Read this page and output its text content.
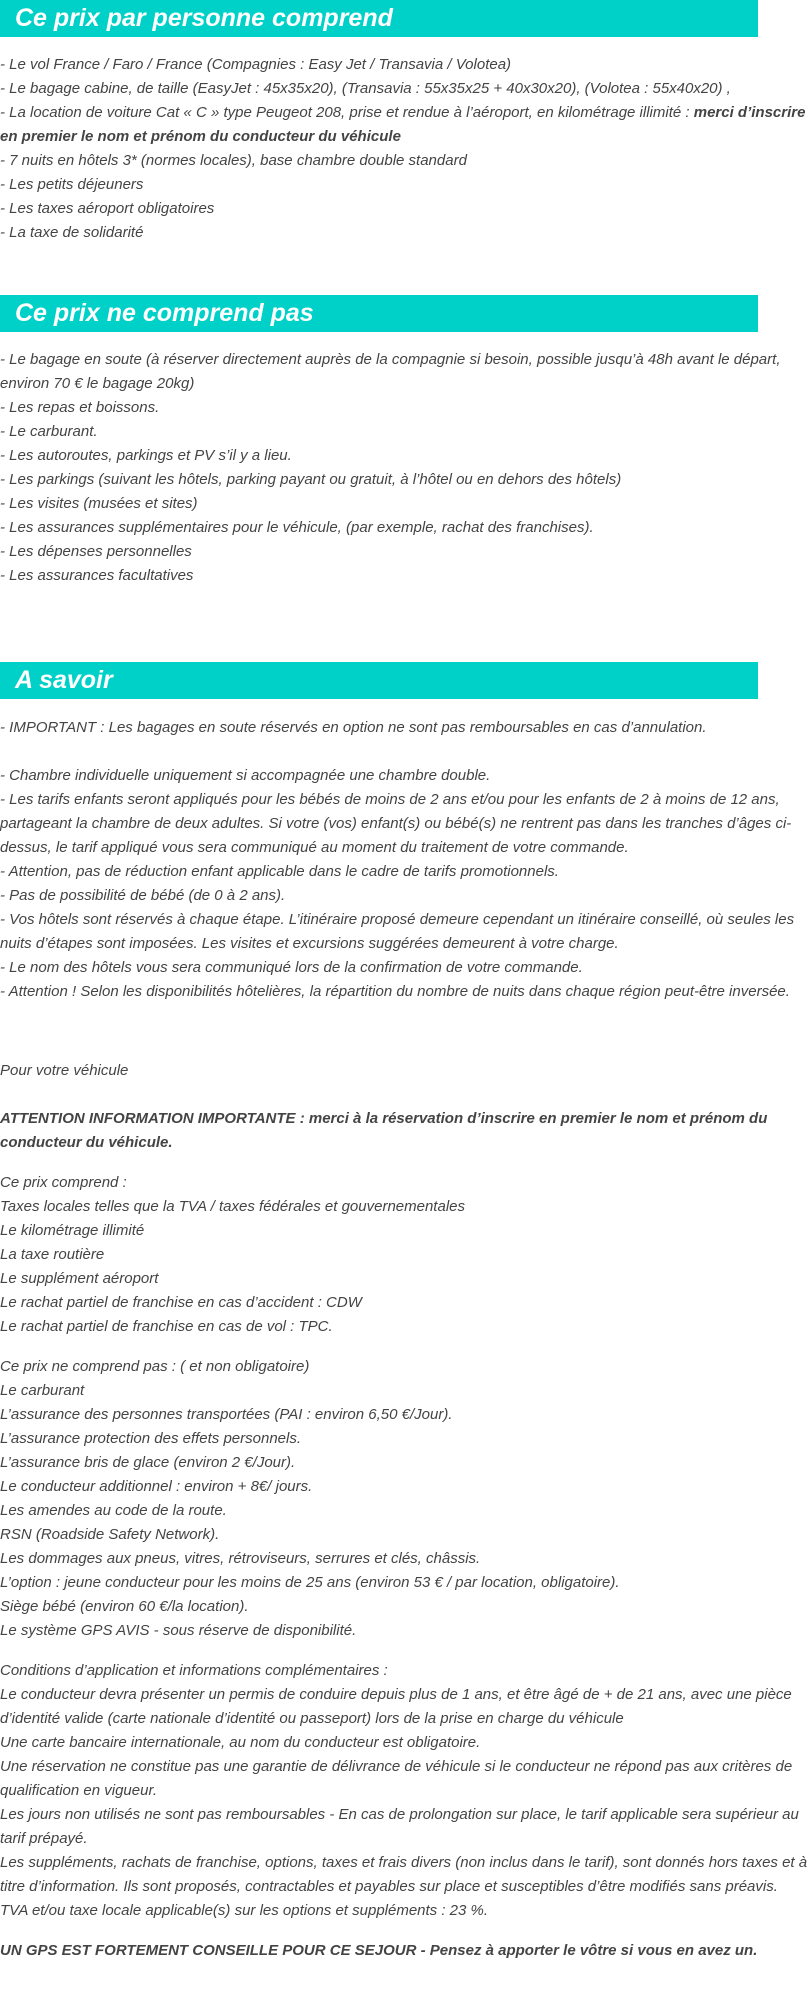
Ce prix par personne comprend
- Le vol France / Faro / France (Compagnies : Easy Jet / Transavia / Volotea)
- Le bagage cabine, de taille (EasyJet : 45x35x20), (Transavia : 55x35x25 + 40x30x20), (Volotea : 55x40x20) ,
- La location de voiture Cat « C » type Peugeot 208, prise et rendue à l’aéroport, en kilométrage illimité : merci d’inscrire
en premier le nom et prénom du conducteur du véhicule
- 7 nuits en hôtels 3* (normes locales), base chambre double standard
- Les petits déjeuners
- Les taxes aéroport obligatoires
- La taxe de solidarité
Ce prix ne comprend pas
- Le bagage en soute (à réserver directement auprès de la compagnie si besoin, possible jusqu’à 48h avant le départ,
environ 70 € le bagage 20kg)
- Les repas et boissons.
- Le carburant.
- Les autoroutes, parkings et PV s’il y a lieu.
- Les parkings (suivant les hôtels, parking payant ou gratuit, à l’hôtel ou en dehors des hôtels)
- Les visites (musées et sites)
- Les assurances supplémentaires pour le véhicule, (par exemple, rachat des franchises).
- Les dépenses personnelles
- Les assurances facultatives
A savoir
- IMPORTANT : Les bagages en soute réservés en option ne sont pas remboursables en cas d’annulation.
- Chambre individuelle uniquement si accompagnée une chambre double.
- Les tarifs enfants seront appliqués pour les bébés de moins de 2 ans et/ou pour les enfants de 2 à moins de 12 ans,
partageant la chambre de deux adultes. Si votre (vos) enfant(s) ou bébé(s) ne rentrent pas dans les tranches d’âges ci-
dessus, le tarif appliqué vous sera communiqué au moment du traitement de votre commande.
- Attention, pas de réduction enfant applicable dans le cadre de tarifs promotionnels.
- Pas de possibilité de bébé (de 0 à 2 ans).
- Vos hôtels sont réservés à chaque étape. L’itinéraire proposé demeure cependant un itinéraire conseillé, où seules les
nuits d’étapes sont imposées. Les visites et excursions suggérées demeurent à votre charge.
- Le nom des hôtels vous sera communiqué lors de la confirmation de votre commande.
- Attention ! Selon les disponibilités hôtelières, la répartition du nombre de nuits dans chaque région peut-être inversée.
Pour votre véhicule
ATTENTION INFORMATION IMPORTANTE : merci à la réservation d’inscrire en premier le nom et prénom du
conducteur du véhicule.
Ce prix comprend :
Taxes locales telles que la TVA / taxes fédérales et gouvernementales
Le kilométrage illimité
La taxe routière
Le supplément aéroport
Le rachat partiel de franchise en cas d’accident : CDW
Le rachat partiel de franchise en cas de vol : TPC.
Ce prix ne comprend pas : ( et non obligatoire)
Le carburant
L’assurance des personnes transportées (PAI : environ 6,50 €/Jour).
L’assurance protection des effets personnels.
L’assurance bris de glace (environ 2 €/Jour).
Le conducteur additionnel : environ + 8€/ jours.
Les amendes au code de la route.
RSN (Roadside Safety Network).
Les dommages aux pneus, vitres, rétroviseurs, serrures et clés, châssis.
L’option : jeune conducteur pour les moins de 25 ans (environ 53 € / par location, obligatoire).
Siège bébé (environ 60 €/la location).
Le système GPS AVIS - sous réserve de disponibilité.
Conditions d’application et informations complémentaires :
Le conducteur devra présenter un permis de conduire depuis plus de 1 ans, et être âgé de + de 21 ans, avec une pièce
d’identité valide (carte nationale d’identité ou passeport) lors de la prise en charge du véhicule
Une carte bancaire internationale, au nom du conducteur est obligatoire.
Une réservation ne constitue pas une garantie de délivrance de véhicule si le conducteur ne répond pas aux critères de
qualification en vigueur.
Les jours non utilisés ne sont pas remboursables - En cas de prolongation sur place, le tarif applicable sera supérieur au
tarif prépayé.
Les suppléments, rachats de franchise, options, taxes et frais divers (non inclus dans le tarif), sont donnés hors taxes et à
titre d’information. Ils sont proposés, contractables et payables sur place et susceptibles d’être modifiés sans préavis.
TVA et/ou taxe locale applicable(s) sur les options et suppléments : 23 %.
UN GPS EST FORTEMENT CONSEILLE POUR CE SEJOUR - Pensez à apporter le vôtre si vous en avez un.
